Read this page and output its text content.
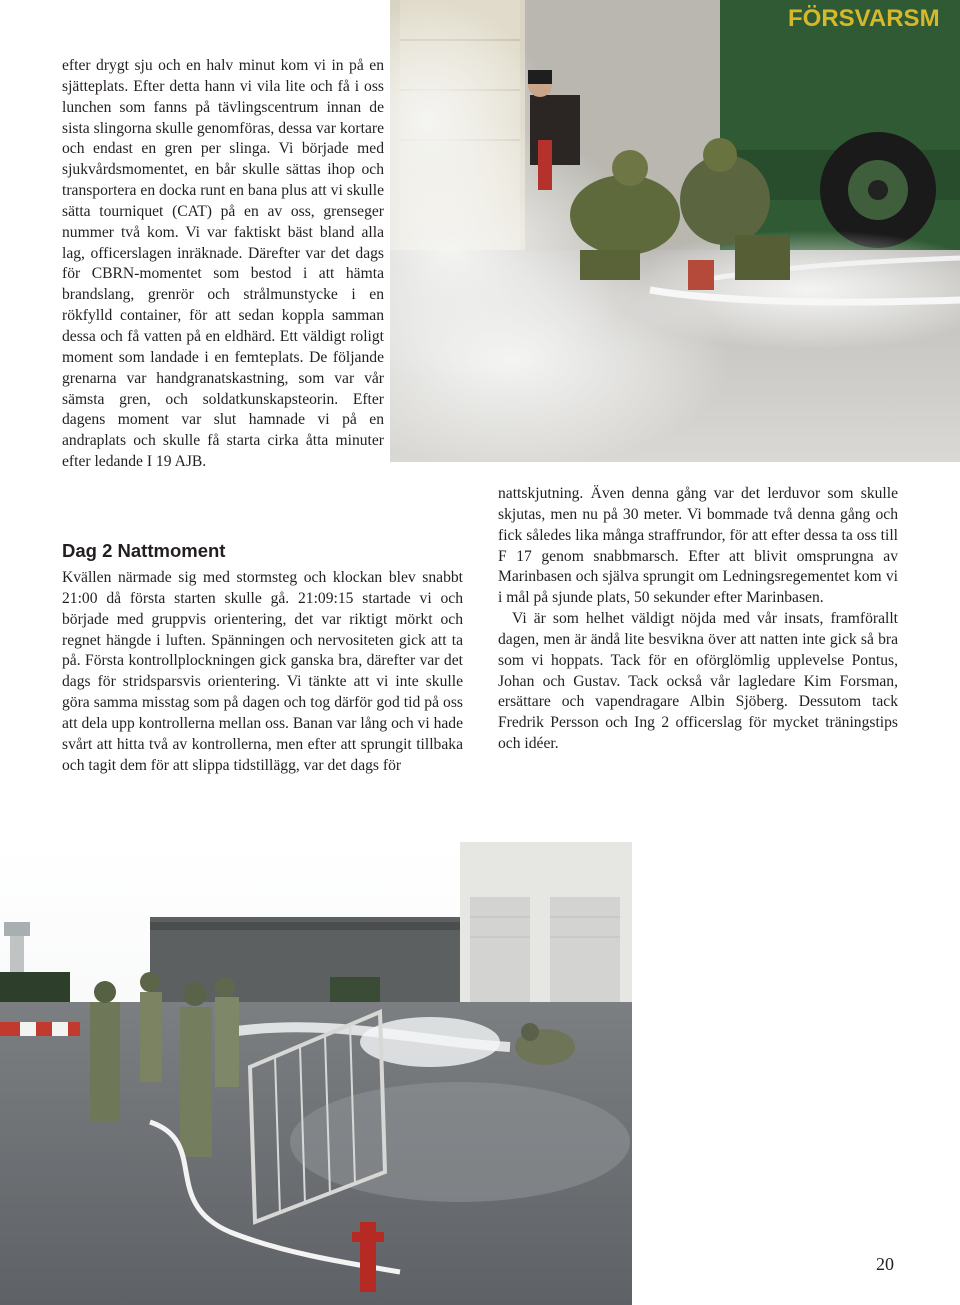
FÖRSVARSM

efter drygt sju och en halv minut kom vi in på en sjätteplats. Efter detta hann vi vila lite och få i oss lunchen som fanns på tävlingscentrum innan de sista slingorna skulle genomföras, dessa var kortare och endast en gren per slinga. Vi började med sjukvårdsmomentet, en bår skulle sättas ihop och transportera en docka runt en bana plus att vi skulle sätta tourniquet (CAT) på en av oss, grenseger nummer två kom. Vi var faktiskt bäst bland alla lag, officerslagen inräknade. Därefter var det dags för CBRN-momentet som bestod i att hämta brandslang, grenrör och strålmunstycke i en rökfylld container, för att sedan koppla samman dessa och få vatten på en eldhärd. Ett väldigt roligt moment som landade i en femteplats. De följande grenarna var handgranatskastning, som var vår sämsta gren, och soldatkunskapsteorin. Efter dagens moment var slut hamnade vi på en andraplats och skulle få starta cirka åtta minuter efter ledande I 19 AJB.

Dag 2 Nattmoment

Kvällen närmade sig med stormsteg och klockan blev snabbt 21:00 då första starten skulle gå. 21:09:15 startade vi och började med gruppvis orientering, det var riktigt mörkt och regnet hängde i luften. Spänningen och nervositeten gick att ta på. Första kontrollplockningen gick ganska bra, därefter var det dags för stridsparsvis orientering. Vi tänkte att vi inte skulle göra samma misstag som på dagen och tog därför god tid på oss att dela upp kontrollerna mellan oss. Banan var lång och vi hade svårt att hitta två av kontrollerna, men efter att sprungit tillbaka och tagit dem för att slippa tidstillägg, var det dags för

nattskjutning. Även denna gång var det lerduvor som skulle skjutas, men nu på 30 meter. Vi bommade två denna gång och fick således lika många straffrundor, för att efter dessa ta oss till F 17 genom snabbmarsch. Efter att blivit omsprungna av Marinbasen och själva sprungit om Ledningsregementet kom vi i mål på sjunde plats, 50 sekunder efter Marinbasen.

Vi är som helhet väldigt nöjda med vår insats, framförallt dagen, men är ändå lite besvikna över att natten inte gick så bra som vi hoppats. Tack för en oförglömlig upplevelse Pontus, Johan och Gustav. Tack också vår lagledare Kim Forsman, ersättare och vapendragare Albin Sjöberg. Dessutom tack Fredrik Persson och Ing 2 officerslag för mycket träningstips och idéer.

20
